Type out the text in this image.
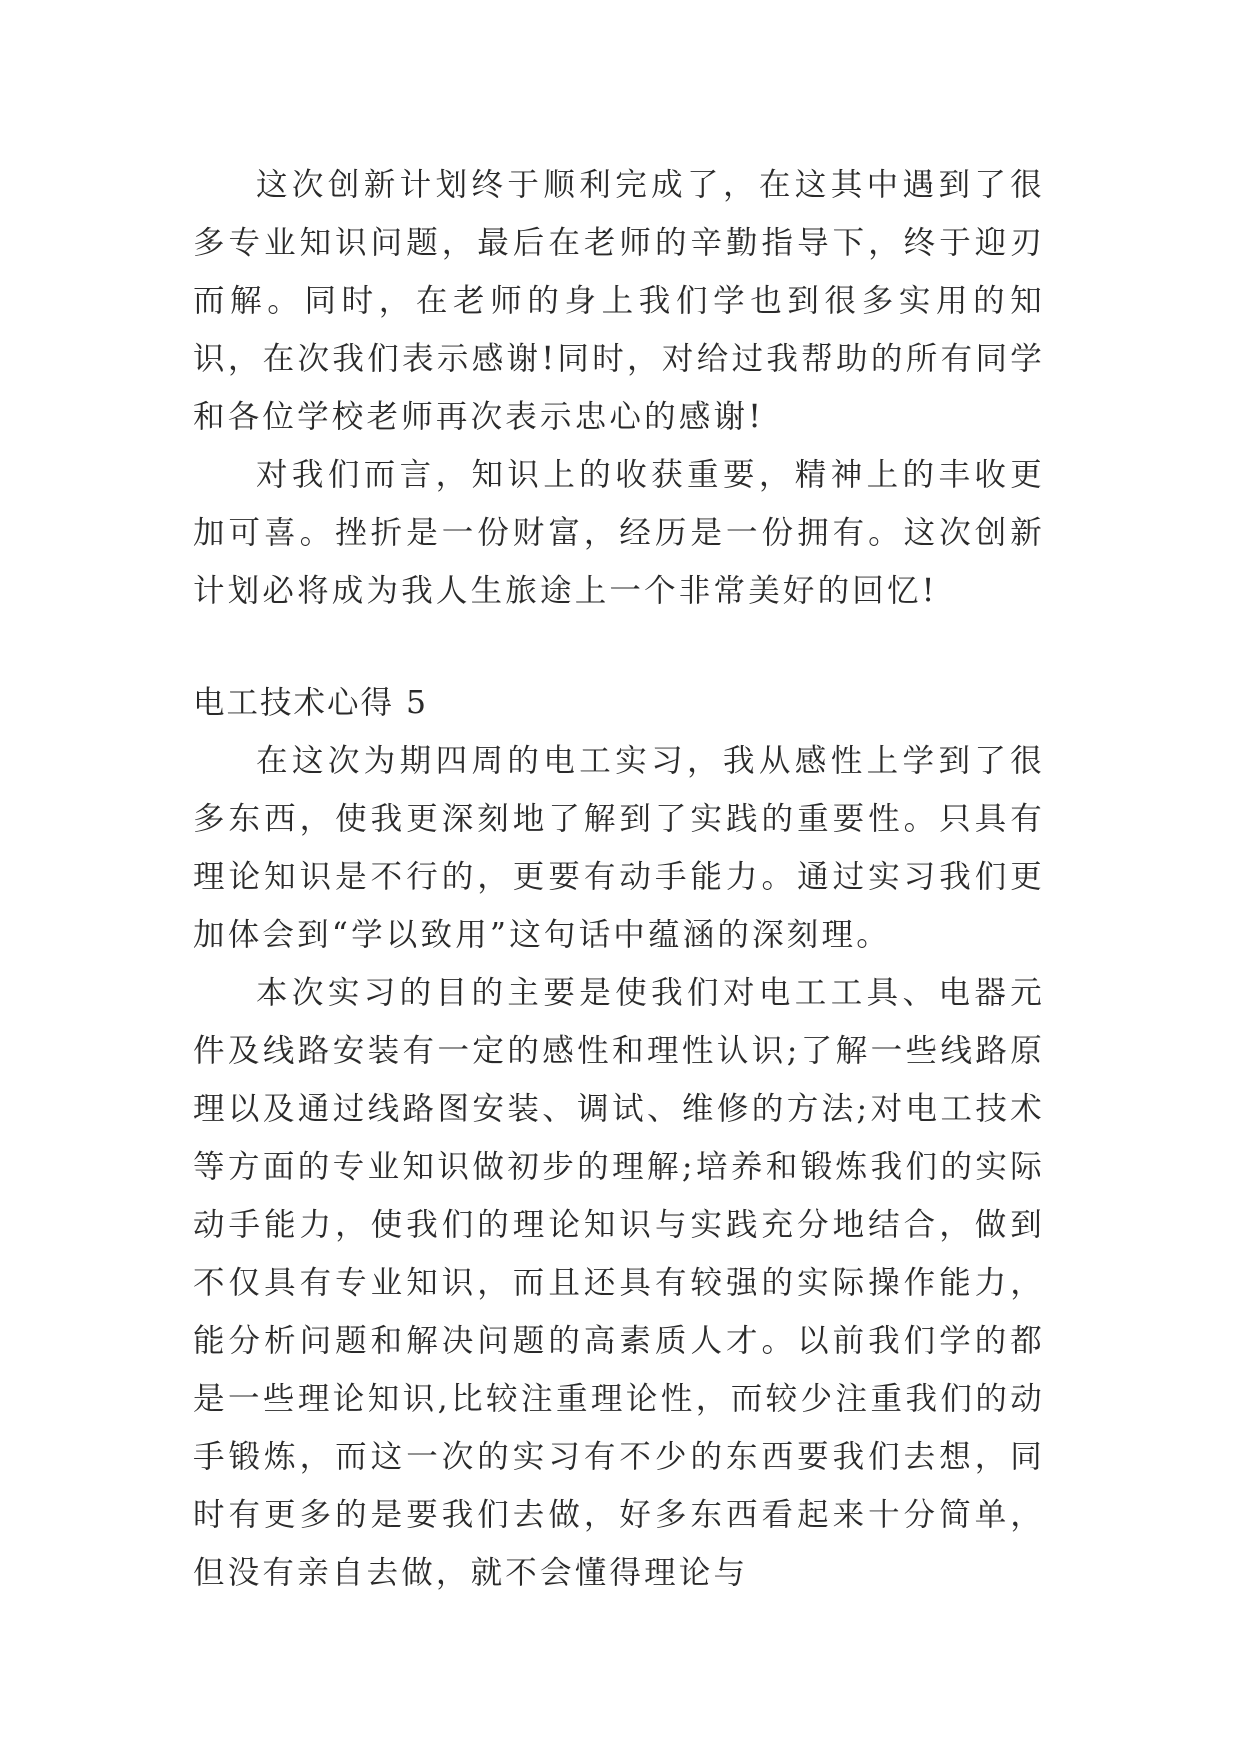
这次创新计划终于顺利完成了，在这其中遇到了很多专业知识问题，最后在老师的辛勤指导下，终于迎刃而解。同时，在老师的身上我们学也到很多实用的知识，在次我们表示感谢!同时，对给过我帮助的所有同学和各位学校老师再次表示忠心的感谢!

对我们而言，知识上的收获重要，精神上的丰收更加可喜。挫折是一份财富，经历是一份拥有。这次创新计划必将成为我人生旅途上一个非常美好的回忆!

电工技术心得 5

在这次为期四周的电工实习，我从感性上学到了很多东西，使我更深刻地了解到了实践的重要性。只具有理论知识是不行的，更要有动手能力。通过实习我们更加体会到“学以致用”这句话中蕴涵的深刻理。

本次实习的目的主要是使我们对电工工具、电器元件及线路安装有一定的感性和理性认识;了解一些线路原理以及通过线路图安装、调试、维修的方法;对电工技术等方面的专业知识做初步的理解;培养和锻炼我们的实际动手能力，使我们的理论知识与实践充分地结合，做到不仅具有专业知识，而且还具有较强的实际操作能力，能分析问题和解决问题的高素质人才。以前我们学的都是一些理论知识,比较注重理论性，而较少注重我们的动手锻炼，而这一次的实习有不少的东西要我们去想，同时有更多的是要我们去做，好多东西看起来十分简单，但没有亲自去做，就不会懂得理论与
